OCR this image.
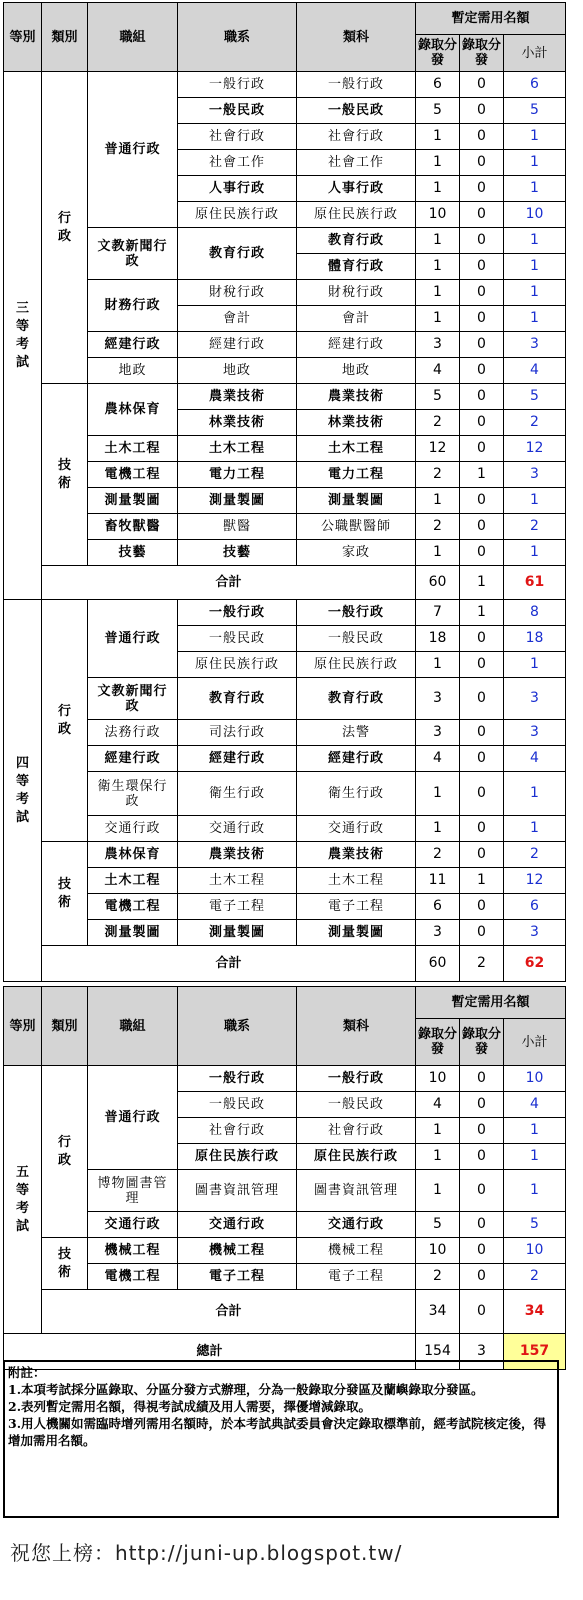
等別	類別	職組	職系	類科	暫定需用名額		
					錄取分發	錄取分發	小計
三等考試	行政	普通行政	一般行政	一般行政	6	0	6
			一般民政	一般民政	5	0	5
			社會行政	社會行政	1	0	1
			社會工作	社會工作	1	0	1
			人事行政	人事行政	1	0	1
			原住民族行政	原住民族行政	10	0	10
		文教新聞行政	教育行政	教育行政	1	0	1
				體育行政	1	0	1
		財務行政	財稅行政	財稅行政	1	0	1
			會計	會計	1	0	1
		經建行政	經建行政	經建行政	3	0	3
		地政	地政	地政	4	0	4
	技術	農林保育	農業技術	農業技術	5	0	5
			林業技術	林業技術	2	0	2
		土木工程	土木工程	土木工程	12	0	12
		電機工程	電力工程	電力工程	2	1	3
		測量製圖	測量製圖	測量製圖	1	0	1
		畜牧獸醫	獸醫	公職獸醫師	2	0	2
		技藝	技藝	家政	1	0	1
	合計				60	1	61
四等考試	行政	普通行政	一般行政	一般行政	7	1	8
			一般民政	一般民政	18	0	18
			原住民族行政	原住民族行政	1	0	1
		文教新聞行政	教育行政	教育行政	3	0	3
		法務行政	司法行政	法警	3	0	3
		經建行政	經建行政	經建行政	4	0	4
		衛生環保行政	衛生行政	衛生行政	1	0	1
		交通行政	交通行政	交通行政	1	0	1
	技術	農林保育	農業技術	農業技術	2	0	2
		土木工程	土木工程	土木工程	11	1	12
		電機工程	電子工程	電子工程	6	0	6
		測量製圖	測量製圖	測量製圖	3	0	3
	合計				60	2	62
等別	類別	職組	職系	類科	暫定需用名額		
					錄取分發	錄取分發	小計
五等考試	行政	普通行政	一般行政	一般行政	10	0	10
			一般民政	一般民政	4	0	4
			社會行政	社會行政	1	0	1
			原住民族行政	原住民族行政	1	0	1
		博物圖書管理	圖書資訊管理	圖書資訊管理	1	0	1
		交通行政	交通行政	交通行政	5	0	5
	技術	機械工程	機械工程	機械工程	10	0	10
		電機工程	電子工程	電子工程	2	0	2
	合計				34	0	34
總計					154	3	157

附註：

1.本項考試採分區錄取、分區分發方式辦理，分為一般錄取分發區及蘭嶼錄取分發區。

2.表列暫定需用名額，得視考試成績及用人需要，擇優增減錄取。

3.用人機關如需臨時增列需用名額時，於本考試典試委員會決定錄取標準前，經考試院核定後，得增加需用名額。

祝您上榜：http://juni-up.blogspot.tw/
